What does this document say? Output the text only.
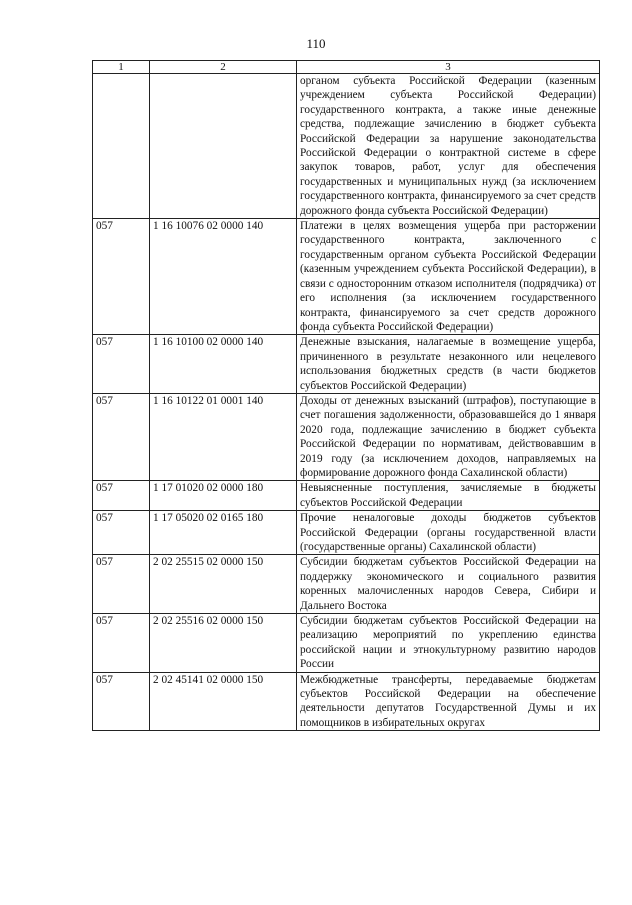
110
1	2	3
		органом субъекта Российской Федерации (казенным учреждением субъекта Российской Федерации) государственного контракта, а также иные денежные средства, подлежащие зачислению в бюджет субъекта Российской Федерации за нарушение законодательства Российской Федерации о контрактной системе в сфере закупок товаров, работ, услуг для обеспечения государственных и муниципальных нужд (за исключением государственного контракта, финансируемого за счет средств дорожного фонда субъекта Российской Федерации)
057	1 16 10076 02 0000 140	Платежи в целях возмещения ущерба при расторжении государственного контракта, заключенного с государственным органом субъекта Российской Федерации (казенным учреждением субъекта Российской Федерации), в связи с односторонним отказом исполнителя (подрядчика) от его исполнения (за исключением государственного контракта, финансируемого за счет средств дорожного фонда субъекта Российской Федерации)
057	1 16 10100 02 0000 140	Денежные взыскания, налагаемые в возмещение ущерба, причиненного в результате незаконного или нецелевого использования бюджетных средств (в части бюджетов субъектов Российской Федерации)
057	1 16 10122 01 0001 140	Доходы от денежных взысканий (штрафов), поступающие в счет погашения задолженности, образовавшейся до 1 января 2020 года, подлежащие зачислению в бюджет субъекта Российской Федерации по нормативам, действовавшим в 2019 году (за исключением доходов, направляемых на формирование дорожного фонда Сахалинской области)
057	1 17 01020 02 0000 180	Невыясненные поступления, зачисляемые в бюджеты субъектов Российской Федерации
057	1 17 05020 02 0165 180	Прочие неналоговые доходы бюджетов субъектов Российской Федерации (органы государственной власти (государственные органы) Сахалинской области)
057	2 02 25515 02 0000 150	Субсидии бюджетам субъектов Российской Федерации на поддержку экономического и социального развития коренных малочисленных народов Севера, Сибири и Дальнего Востока
057	2 02 25516 02 0000 150	Субсидии бюджетам субъектов Российской Федерации на реализацию мероприятий по укреплению единства российской нации и этнокультурному развитию народов России
057	2 02 45141 02 0000 150	Межбюджетные трансферты, передаваемые бюджетам субъектов Российской Федерации на обеспечение деятельности депутатов Государственной Думы и их помощников в избирательных округах
